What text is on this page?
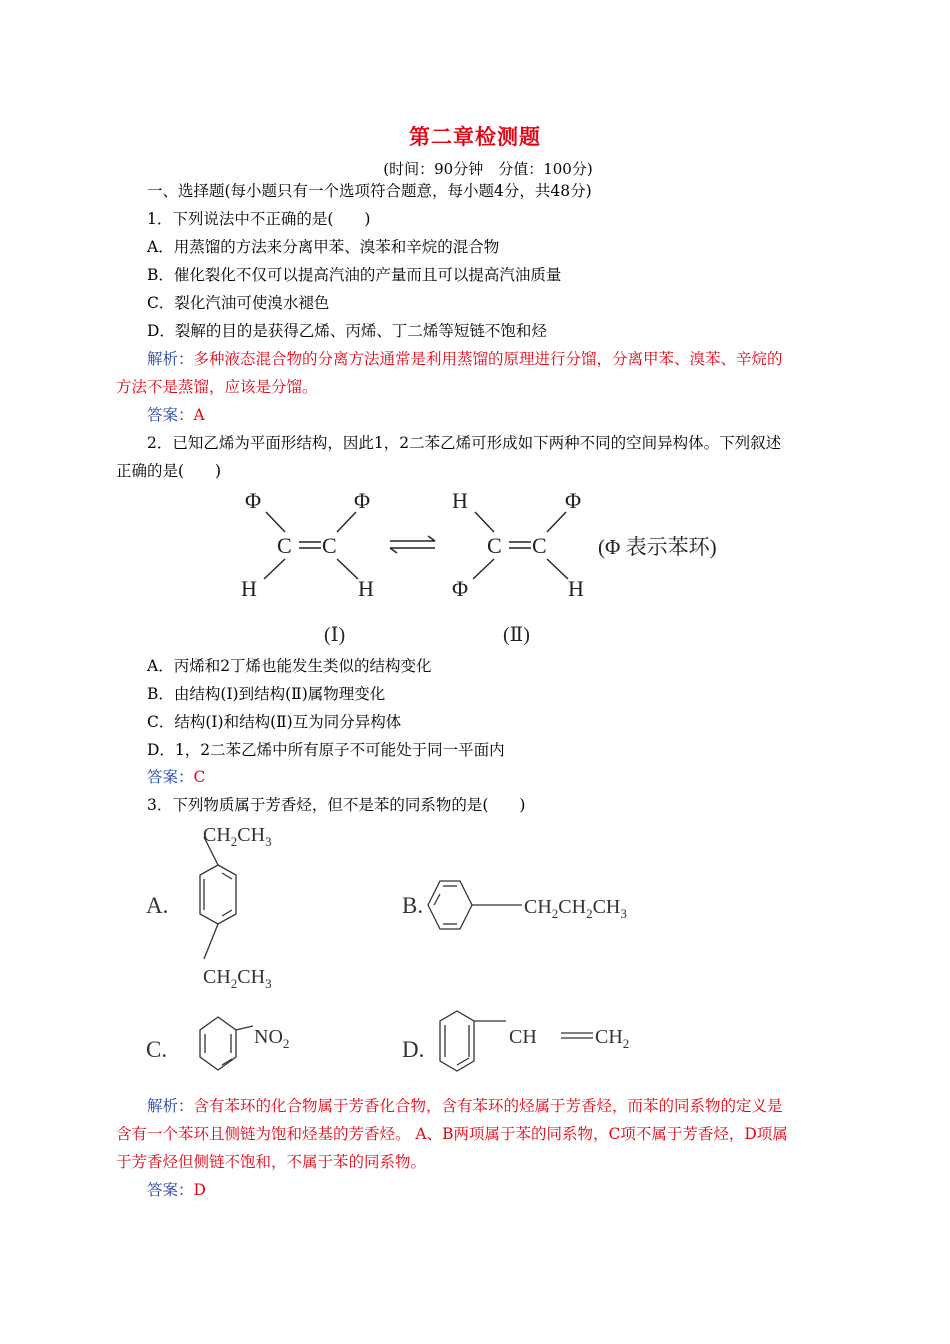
第二章检测题
(时间：90分钟　分值：100分)
一、选择题(每小题只有一个选项符合题意，每小题4分，共48分)
1．下列说法中不正确的是(　　)
A．用蒸馏的方法来分离甲苯、溴苯和辛烷的混合物
B．催化裂化不仅可以提高汽油的产量而且可以提高汽油质量
C．裂化汽油可使溴水褪色
D．裂解的目的是获得乙烯、丙烯、丁二烯等短链不饱和烃
解析：多种液态混合物的分离方法通常是利用蒸馏的原理进行分馏，分离甲苯、溴苯、辛烷的
方法不是蒸馏，应该是分馏。
答案：A
2．已知乙烯为平面形结构，因此1，2二苯乙烯可形成如下两种不同的空间异构体。下列叙述
正确的是(　　)
Φ	Φ
C C
H	H
H	Φ
C C
Φ	H
(Φ 表示苯环)
(Ⅰ)	(Ⅱ)
A．丙烯和2丁烯也能发生类似的结构变化
B．由结构(Ⅰ)到结构(Ⅱ)属物理变化
C．结构(Ⅰ)和结构(Ⅱ)互为同分异构体
D．1，2二苯乙烯中所有原子不可能处于同一平面内
答案：C
3．下列物质属于芳香烃，但不是苯的同系物的是(　　)
A.	B.
C.	D.
$CH_2CH_3$
$CH_2CH_3$
$CH_2CH_2CH_3$
$NO_2$	CH	$CH_2$
解析：含有苯环的化合物属于芳香化合物，含有苯环的烃属于芳香烃，而苯的同系物的定义是
含有一个苯环且侧链为饱和烃基的芳香烃。 A、B两项属于苯的同系物，C项不属于芳香烃，D项属
于芳香烃但侧链不饱和，不属于苯的同系物。
答案：D
